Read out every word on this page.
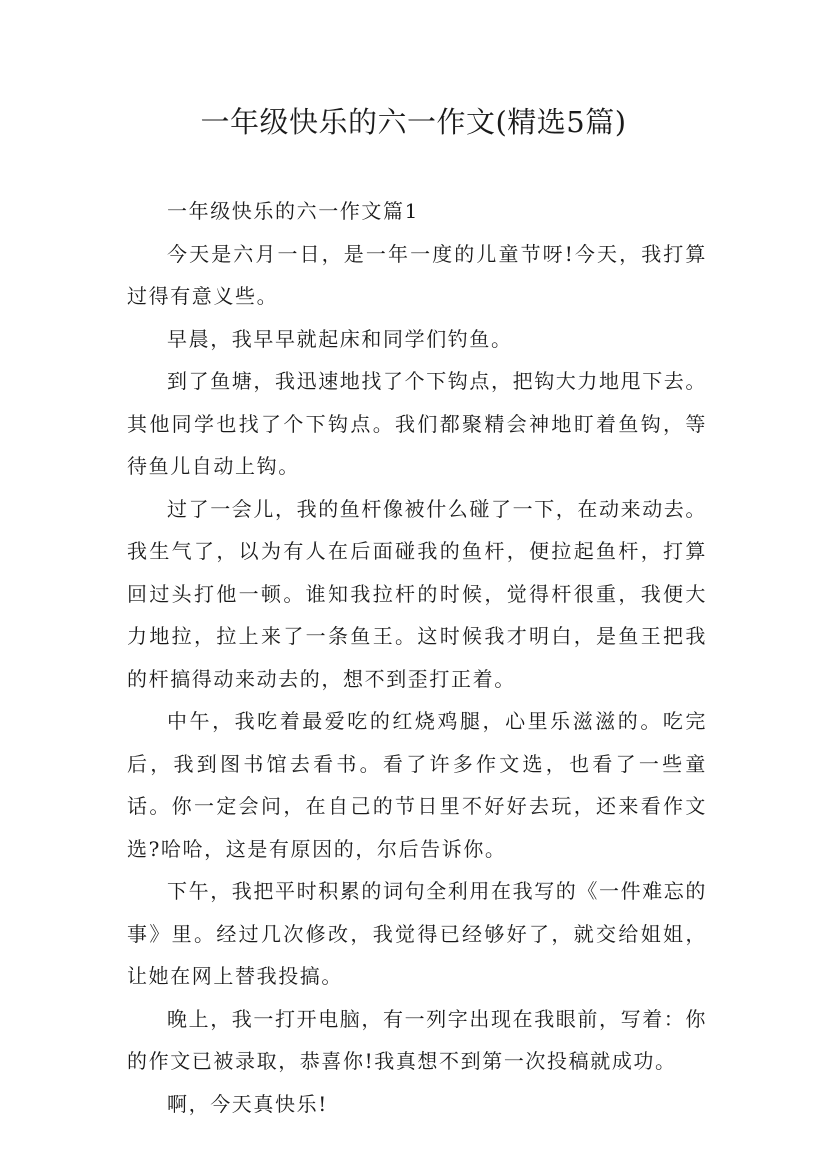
一年级快乐的六一作文(精选5篇)

一年级快乐的六一作文篇1

今天是六月一日，是一年一度的儿童节呀!今天，我打算过得有意义些。

早晨，我早早就起床和同学们钓鱼。

到了鱼塘，我迅速地找了个下钩点，把钩大力地甩下去。其他同学也找了个下钩点。我们都聚精会神地盯着鱼钩，等待鱼儿自动上钩。

过了一会儿，我的鱼杆像被什么碰了一下，在动来动去。我生气了，以为有人在后面碰我的鱼杆，便拉起鱼杆，打算回过头打他一顿。谁知我拉杆的时候，觉得杆很重，我便大力地拉，拉上来了一条鱼王。这时候我才明白，是鱼王把我的杆搞得动来动去的，想不到歪打正着。

中午，我吃着最爱吃的红烧鸡腿，心里乐滋滋的。吃完后，我到图书馆去看书。看了许多作文选，也看了一些童话。你一定会问，在自己的节日里不好好去玩，还来看作文选?哈哈，这是有原因的，尔后告诉你。

下午，我把平时积累的词句全利用在我写的《一件难忘的事》里。经过几次修改，我觉得已经够好了，就交给姐姐，让她在网上替我投搞。

晚上，我一打开电脑，有一列字出现在我眼前，写着：你的作文已被录取，恭喜你!我真想不到第一次投稿就成功。

啊，今天真快乐!
